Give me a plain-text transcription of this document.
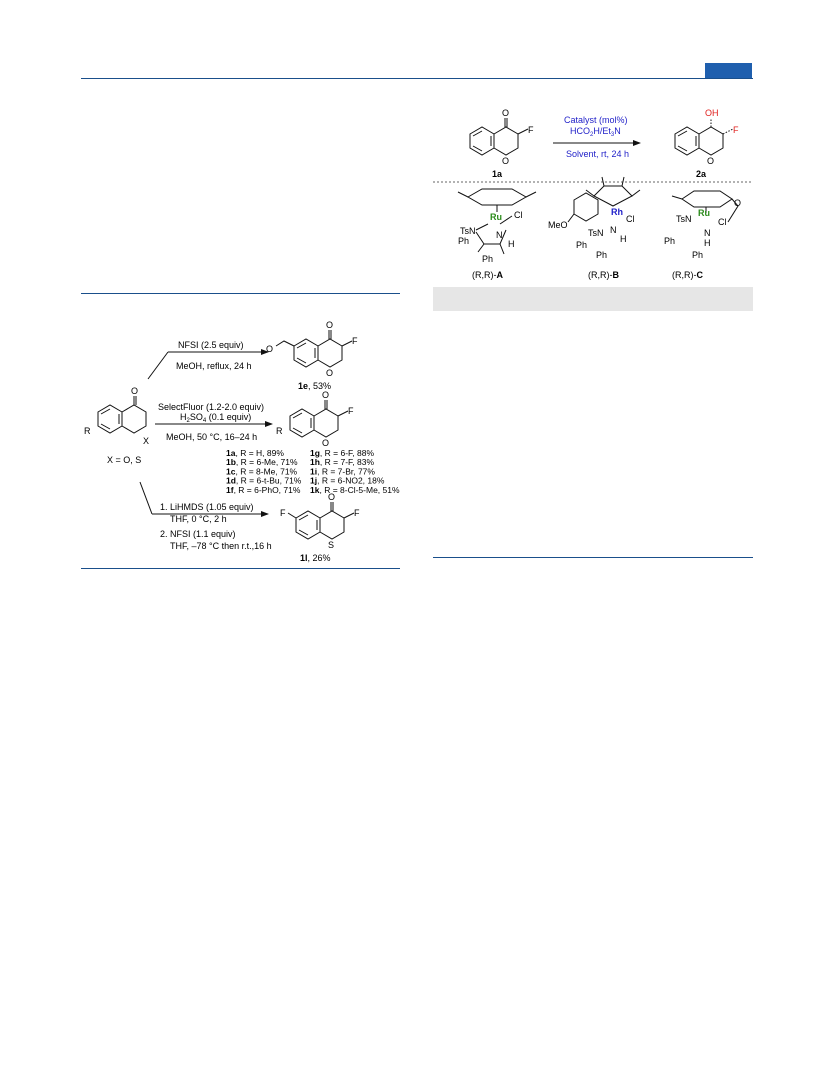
O
X
R
X = O, S
NFSI (2.5 equiv)
MeOH, reflux, 24 h
O
F
O
O
1e, 53%
SelectFluor (1.2-2.0 equiv)
$H_2SO_4$ (0.1 equiv)
MeOH, 50 °C, 16–24 h
O
F
O
R
1a, R = H, 89%
1b, R = 6-Me, 71%
1c, R = 8-Me, 71%
1d, R = 6-t-Bu, 71%
1f, R = 6-PhO, 71%
1g, R = 6-F, 88%
1h, R = 7-F, 83%
1i, R = 7-Br, 77%
1j, R = 6-NO2, 18%
1k, R = 8-Cl-5-Me, 51%
1. LiHMDS (1.05 equiv)
THF, 0 °C, 2 h
2. NFSI (1.1 equiv)
THF, –78 °C then r.t.,16 h
O
F
F
S
1l, 26%
O
F
O
1a
Catalyst (mol%)
$HCO_2H/Et_3N$
Solvent, rt, 24 h
OH
F
O
2a
Ru Cl
TsN N
H
Ph
Ph
(R,R)-A
Rh
Cl
MeO
TsN N
H
Ph
Ph
(R,R)-B
Ru
O
Cl
TsN
N
H
Ph
Ph
(R,R)-C
